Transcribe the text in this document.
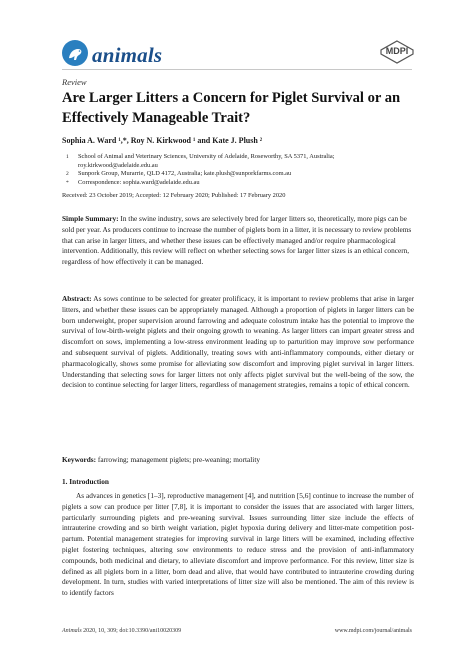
animals	MDPI
Review
Are Larger Litters a Concern for Piglet Survival or an Effectively Manageable Trait?
Sophia A. Ward ¹,*, Roy N. Kirkwood ¹ and Kate J. Plush ²
1 School of Animal and Veterinary Sciences, University of Adelaide, Roseworthy, SA 5371, Australia; roy.kirkwood@adelaide.edu.au
2 Sunpork Group, Murarrie, QLD 4172, Australia; kate.plush@sunporkfarms.com.au
* Correspondence: sophia.ward@adelaide.edu.au
Received: 23 October 2019; Accepted: 12 February 2020; Published: 17 February 2020
Simple Summary: In the swine industry, sows are selectively bred for larger litters so, theoretically, more pigs can be sold per year. As producers continue to increase the number of piglets born in a litter, it is necessary to review problems that can arise in larger litters, and whether these issues can be effectively managed and/or require pharmacological intervention. Additionally, this review will reflect on whether selecting sows for larger litter sizes is an ethical concern, regardless of how effectively it can be managed.
Abstract: As sows continue to be selected for greater prolificacy, it is important to review problems that arise in larger litters, and whether these issues can be appropriately managed. Although a proportion of piglets in larger litters can be born underweight, proper supervision around farrowing and adequate colostrum intake has the potential to improve the survival of low-birth-weight piglets and their ongoing growth to weaning. As larger litters can impart greater stress and discomfort on sows, implementing a low-stress environment leading up to parturition may improve sow performance and subsequent survival of piglets. Additionally, treating sows with anti-inflammatory compounds, either dietary or pharmacologically, shows some promise for alleviating sow discomfort and improving piglet survival in larger litters. Understanding that selecting sows for larger litters not only affects piglet survival but the well-being of the sow, the decision to continue selecting for larger litters, regardless of management strategies, remains a topic of ethical concern.
Keywords: farrowing; management piglets; pre-weaning; mortality
1. Introduction
As advances in genetics [1–3], reproductive management [4], and nutrition [5,6] continue to increase the number of piglets a sow can produce per litter [7,8], it is important to consider the issues that are associated with larger litters, particularly surrounding piglets and pre-weaning survival. Issues surrounding litter size include the effects of intrauterine crowding and so birth weight variation, piglet hypoxia during delivery and litter-mate competition post-partum. Potential management strategies for improving survival in large litters will be examined, including effective piglet fostering techniques, altering sow environments to reduce stress and the provision of anti-inflammatory compounds, both medicinal and dietary, to alleviate discomfort and improve performance. For this review, litter size is defined as all piglets born in a litter, born dead and alive, that would have contributed to intrauterine crowding during development. In turn, studies with varied interpretations of litter size will also be mentioned. The aim of this review is to identify factors
Animals 2020, 10, 309; doi:10.3390/ani10020309	www.mdpi.com/journal/animals
